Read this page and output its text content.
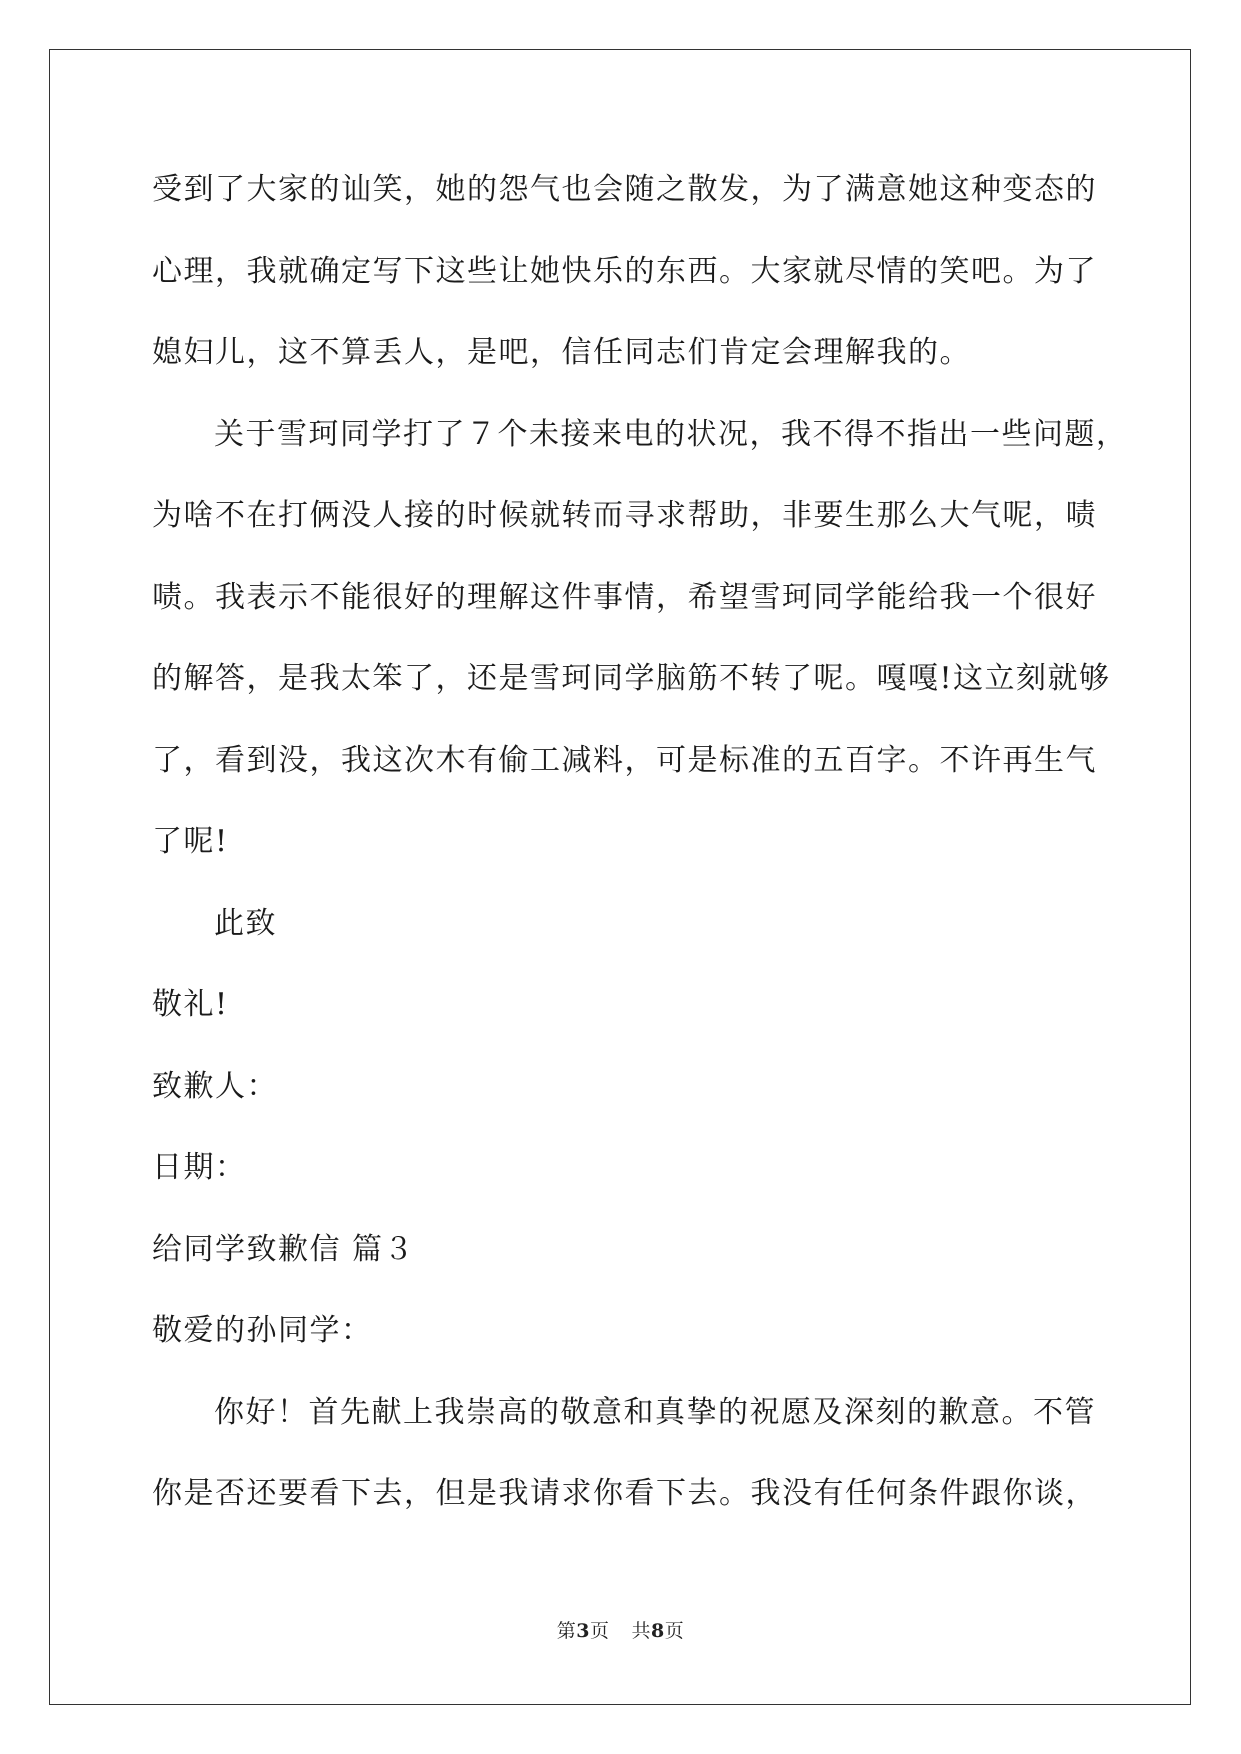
受到了大家的讪笑，她的怨气也会随之散发，为了满意她这种变态的
心理，我就确定写下这些让她快乐的东西。大家就尽情的笑吧。为了
媳妇儿，这不算丢人，是吧，信任同志们肯定会理解我的。
关于雪珂同学打了７个未接来电的状况，我不得不指出一些问题，
为啥不在打俩没人接的时候就转而寻求帮助，非要生那么大气呢，啧
啧。我表示不能很好的理解这件事情，希望雪珂同学能给我一个很好
的解答，是我太笨了，还是雪珂同学脑筋不转了呢。嘎嘎!这立刻就够
了，看到没，我这次木有偷工减料，可是标准的五百字。不许再生气
了呢!
此致
敬礼!
致歉人：
日期：
给同学致歉信 篇３
敬爱的孙同学：
你好！首先献上我崇高的敬意和真挚的祝愿及深刻的歉意。不管
你是否还要看下去，但是我请求你看下去。我没有任何条件跟你谈，
第3页 共8页
